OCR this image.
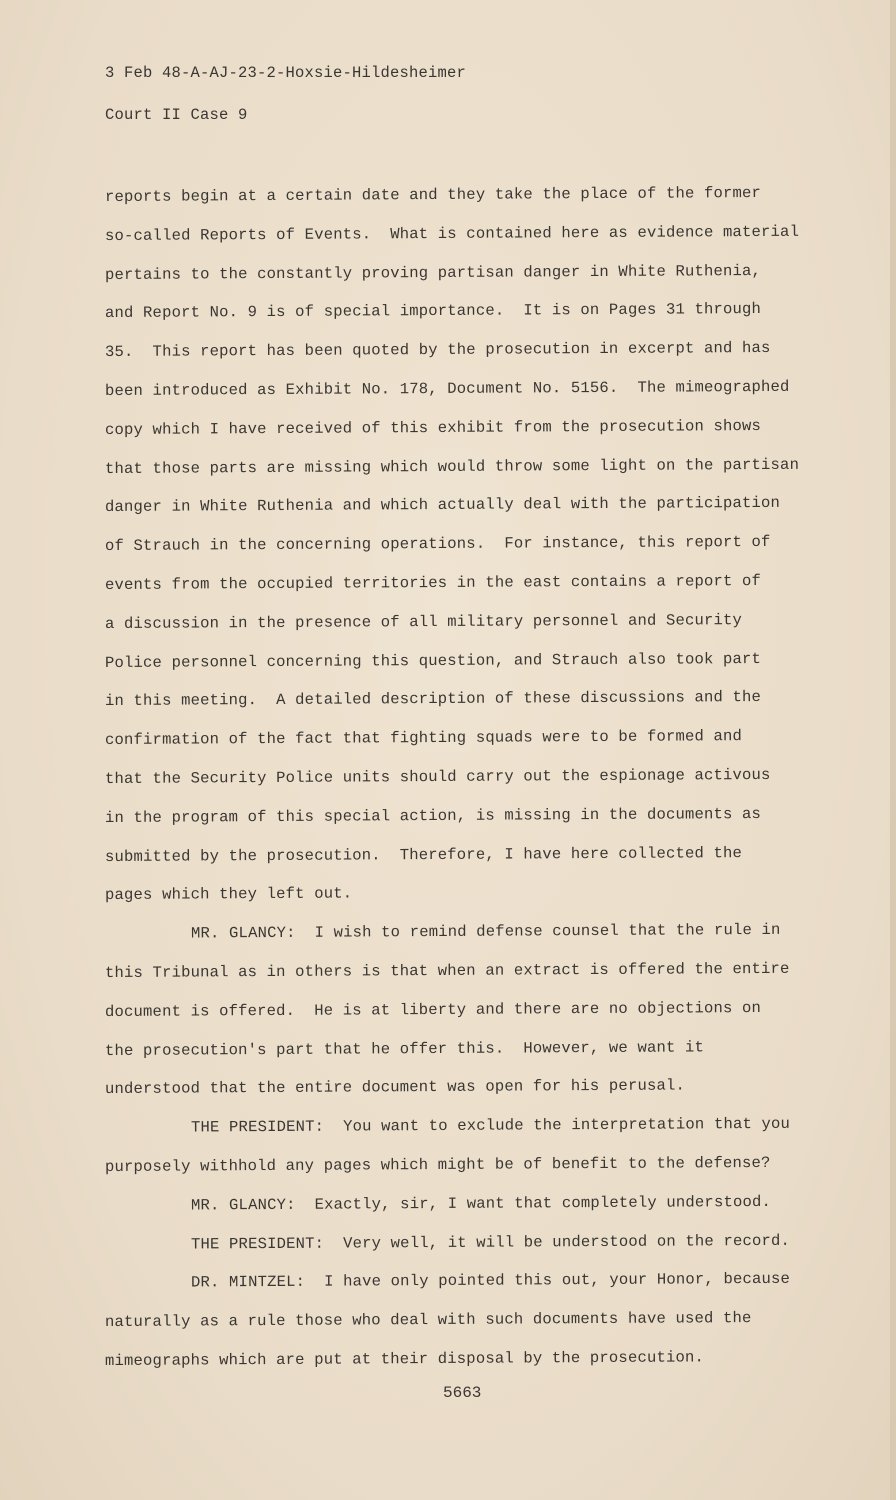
3 Feb 48-A-AJ-23-2-Hoxsie-Hildesheimer
Court II Case 9
reports begin at a certain date and they take the place of the former
so-called Reports of Events.  What is contained here as evidence material
pertains to the constantly proving partisan danger in White Ruthenia,
and Report No. 9 is of special importance.  It is on Pages 31 through
35.  This report has been quoted by the prosecution in excerpt and has
been introduced as Exhibit No. 178, Document No. 5156.  The mimeographed
copy which I have received of this exhibit from the prosecution shows
that those parts are missing which would throw some light on the partisan
danger in White Ruthenia and which actually deal with the participation
of Strauch in the concerning operations.  For instance, this report of
events from the occupied territories in the east contains a report of
a discussion in the presence of all military personnel and Security
Police personnel concerning this question, and Strauch also took part
in this meeting.  A detailed description of these discussions and the
confirmation of the fact that fighting squads were to be formed and
that the Security Police units should carry out the espionage activous
in the program of this special action, is missing in the documents as
submitted by the prosecution.  Therefore, I have here collected the
pages which they left out.
MR. GLANCY:  I wish to remind defense counsel that the rule in
this Tribunal as in others is that when an extract is offered the entire
document is offered.  He is at liberty and there are no objections on
the prosecution's part that he offer this.  However, we want it
understood that the entire document was open for his perusal.
THE PRESIDENT:  You want to exclude the interpretation that you
purposely withhold any pages which might be of benefit to the defense?
MR. GLANCY:  Exactly, sir, I want that completely understood.
THE PRESIDENT:  Very well, it will be understood on the record.
DR. MINTZEL:  I have only pointed this out, your Honor, because
naturally as a rule those who deal with such documents have used the
mimeographs which are put at their disposal by the prosecution.
5663
